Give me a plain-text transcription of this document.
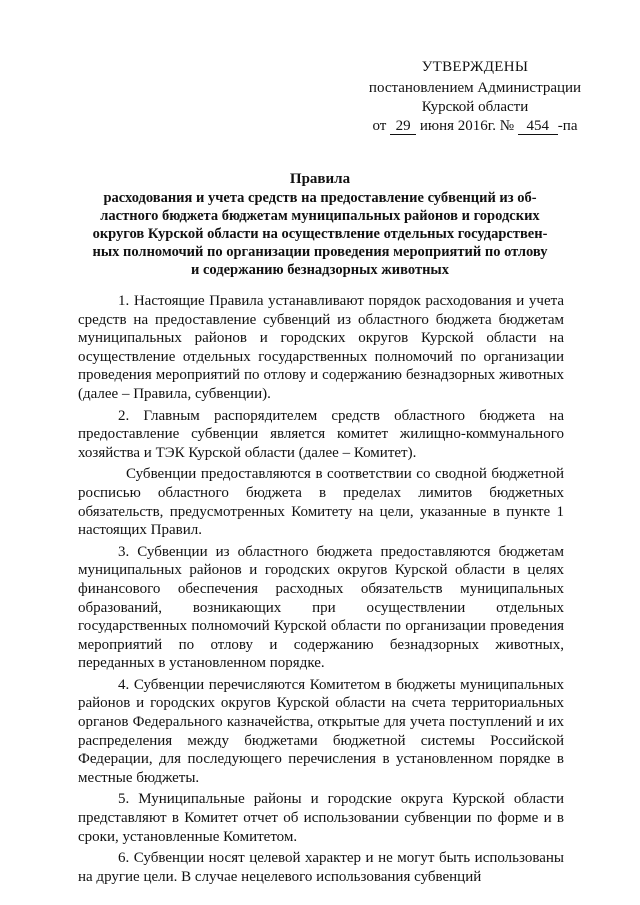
УТВЕРЖДЕНЫ
постановлением Администрации
Курской области
от 29 июня 2016г. № 454 -па
Правила
расходования и учета средств на предоставление субвенций из об-
ластного бюджета бюджетам муниципальных районов и городских
округов Курской области на осуществление отдельных государствен-
ных полномочий по организации проведения мероприятий по отлову
и содержанию безнадзорных животных

1. Настоящие Правила устанавливают порядок расходования и учета средств на предоставление субвенций из областного бюджета бюджетам муниципальных районов и городских округов Курской области на осуществление отдельных государственных полномочий по организации проведения мероприятий по отлову и содержанию безнадзорных животных (далее – Правила, субвенции).

2. Главным распорядителем средств областного бюджета на предоставление субвенции является комитет жилищно-коммунального хозяйства и ТЭК Курской области (далее – Комитет).

Субвенции предоставляются в соответствии со сводной бюджетной росписью областного бюджета в пределах лимитов бюджетных обязательств, предусмотренных Комитету на цели, указанные в пункте 1 настоящих Правил.

3. Субвенции из областного бюджета предоставляются бюджетам муниципальных районов и городских округов Курской области в целях финансового обеспечения расходных обязательств муниципальных образований, возникающих при осуществлении отдельных государственных полномочий Курской области по организации проведения мероприятий по отлову и содержанию безнадзорных животных, переданных в установленном порядке.

4. Субвенции перечисляются Комитетом в бюджеты муниципальных районов и городских округов Курской области на счета территориальных органов Федерального казначейства, открытые для учета поступлений и их распределения между бюджетами бюджетной системы Российской Федерации, для последующего перечисления в установленном порядке в местные бюджеты.

5. Муниципальные районы и городские округа Курской области представляют в Комитет отчет об использовании субвенции по форме и в сроки, установленные Комитетом.

6. Субвенции носят целевой характер и не могут быть использованы на другие цели. В случае нецелевого использования субвенций
